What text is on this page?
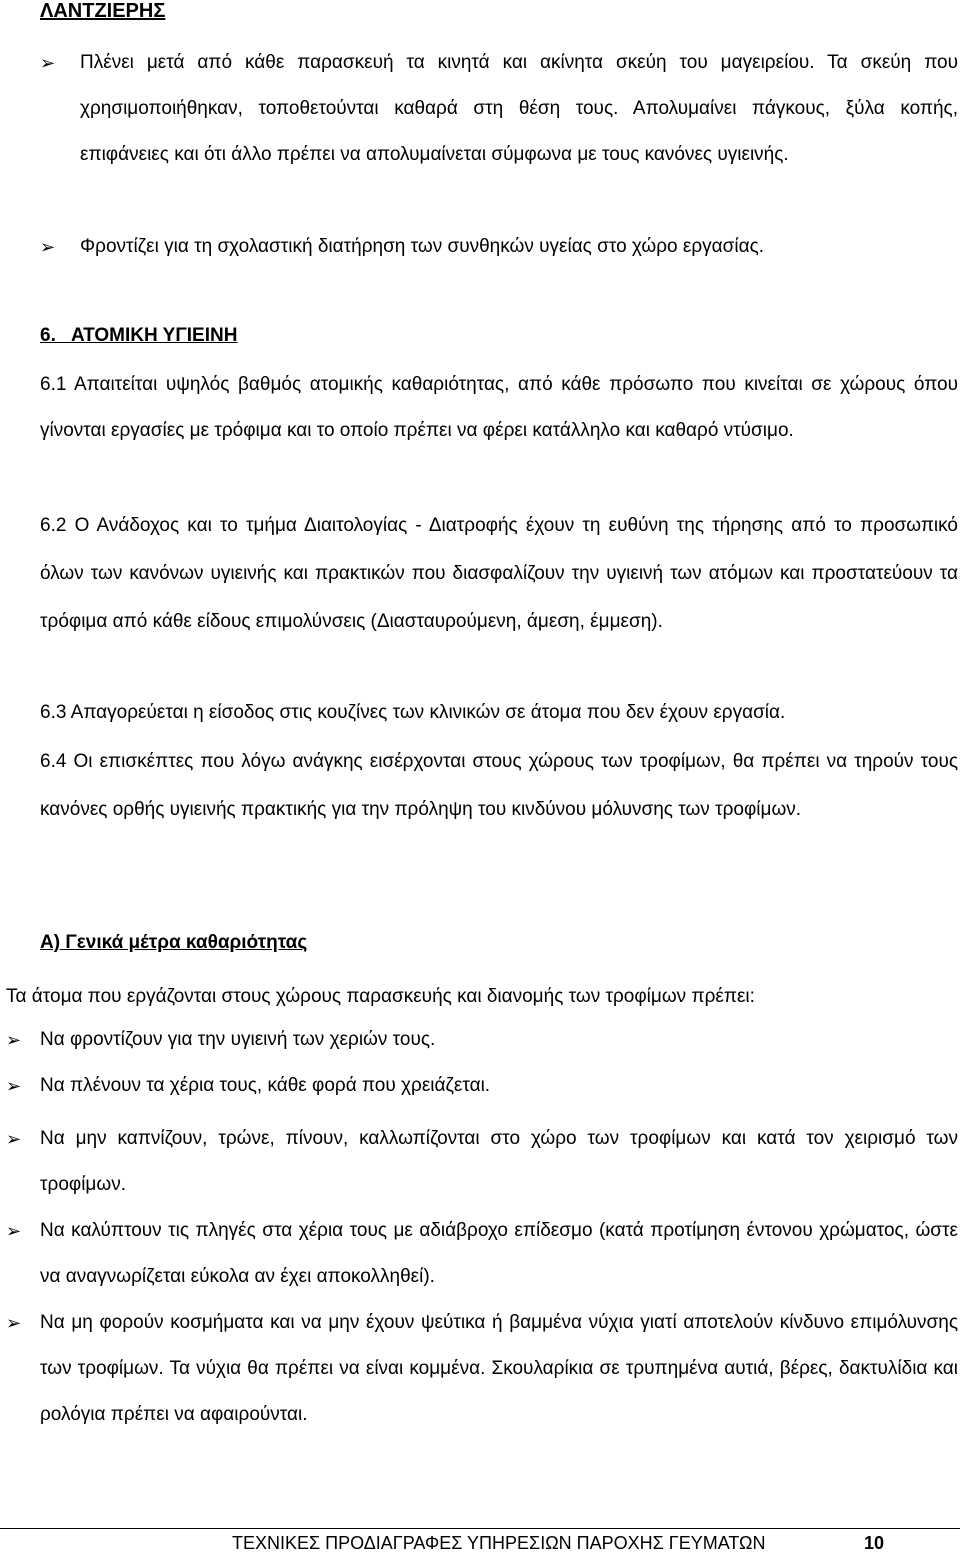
ΛΑΝΤΖΙΕΡΗΣ
➢	Πλένει μετά από κάθε παρασκευή τα κινητά και ακίνητα σκεύη του μαγειρείου. Τα σκεύη που χρησιμοποιήθηκαν, τοποθετούνται καθαρά στη θέση τους. Απολυμαίνει πάγκους, ξύλα κοπής, επιφάνειες και ότι άλλο πρέπει να απολυμαίνεται σύμφωνα με τους κανόνες υγιεινής.
➢	Φροντίζει για τη σχολαστική διατήρηση των συνθηκών υγείας στο χώρο εργασίας.
6.   ΑΤΟΜΙΚΗ ΥΓΙΕΙΝΗ
6.1 Απαιτείται υψηλός βαθμός ατομικής καθαριότητας, από κάθε πρόσωπο που κινείται σε χώρους όπου γίνονται εργασίες με τρόφιμα και το οποίο πρέπει να φέρει κατάλληλο και καθαρό ντύσιμο.
6.2 Ο Ανάδοχος και το τμήμα Διαιτολογίας - Διατροφής έχουν τη ευθύνη της τήρησης από το προσωπικό όλων των κανόνων υγιεινής και πρακτικών που διασφαλίζουν την υγιεινή των ατόμων και προστατεύουν τα τρόφιμα από κάθε είδους επιμολύνσεις (Διασταυρούμενη, άμεση, έμμεση).
6.3 Απαγορεύεται η είσοδος στις κουζίνες των κλινικών σε άτομα που δεν έχουν εργασία.
6.4 Οι επισκέπτες που λόγω ανάγκης εισέρχονται στους χώρους των τροφίμων, θα πρέπει να τηρούν τους κανόνες ορθής υγιεινής πρακτικής για την πρόληψη του κινδύνου μόλυνσης των τροφίμων.
Α) Γενικά μέτρα καθαριότητας
Τα άτομα που εργάζονται στους χώρους παρασκευής και διανομής των τροφίμων πρέπει:
➢ Να φροντίζουν για την υγιεινή των χεριών τους.
➢ Να πλένουν τα χέρια τους, κάθε φορά που χρειάζεται.
➢ Να μην καπνίζουν, τρώνε, πίνουν, καλλωπίζονται στο χώρο των τροφίμων και κατά τον χειρισμό των τροφίμων.
➢ Να καλύπτουν τις πληγές στα χέρια τους με αδιάβροχο επίδεσμο (κατά προτίμηση έντονου χρώματος, ώστε να αναγνωρίζεται εύκολα αν έχει αποκολληθεί).
➢ Να μη φορούν κοσμήματα και να μην έχουν ψεύτικα ή βαμμένα νύχια γιατί αποτελούν κίνδυνο επιμόλυνσης των τροφίμων. Τα νύχια θα πρέπει να είναι κομμένα. Σκουλαρίκια σε τρυπημένα αυτιά, βέρες, δακτυλίδια και ρολόγια πρέπει να αφαιρούνται.
ΤΕΧΝΙΚΕΣ ΠΡΟΔΙΑΓΡΑΦΕΣ ΥΠΗΡΕΣΙΩΝ ΠΑΡΟΧΗΣ ΓΕΥΜΑΤΩΝ	10
